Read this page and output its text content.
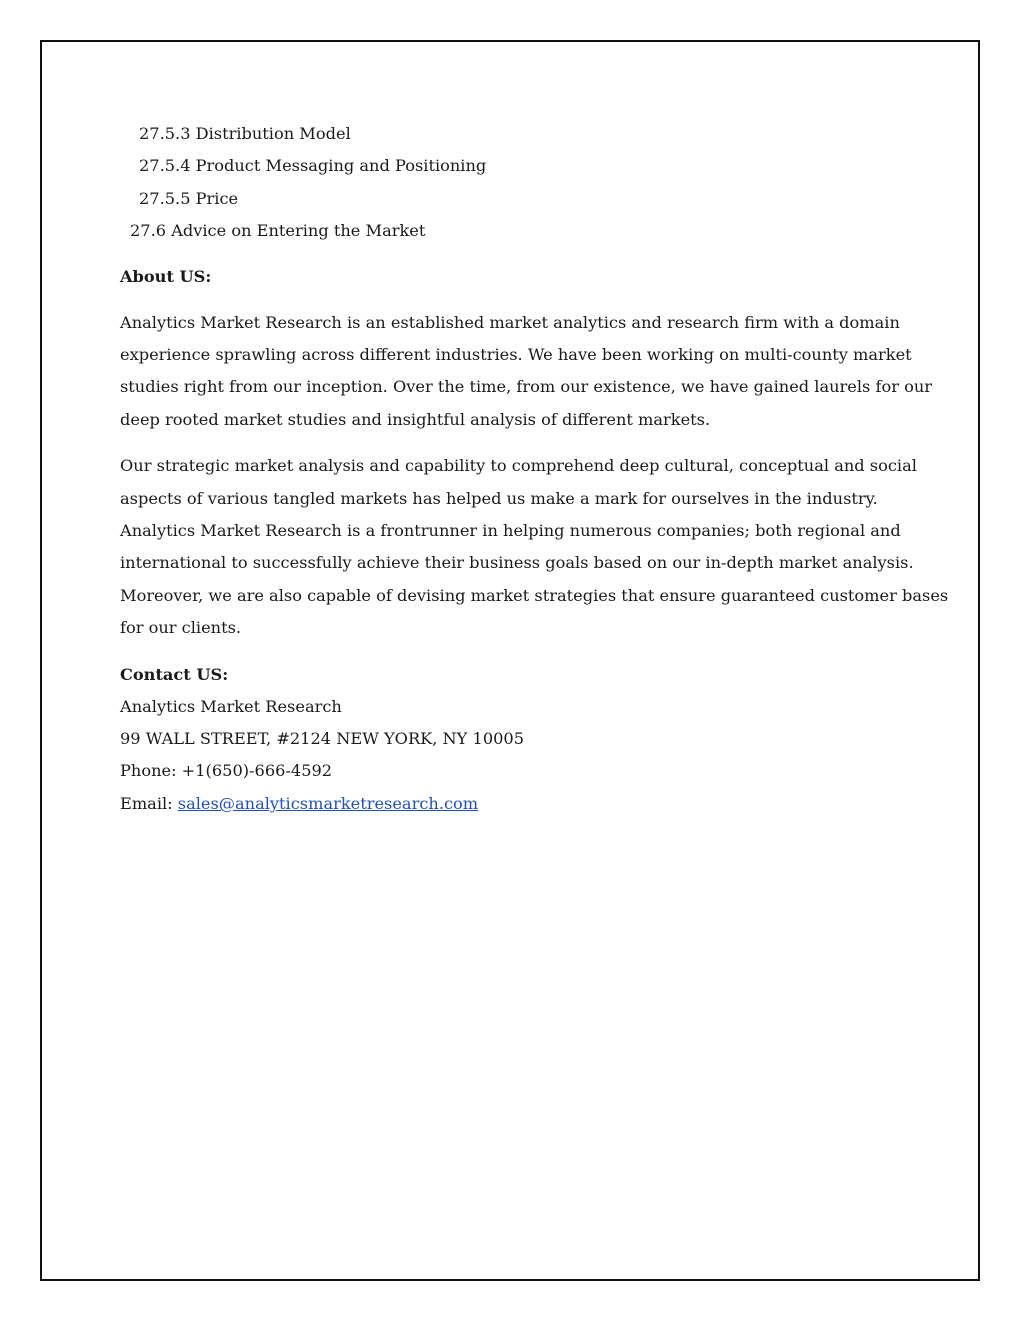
27.5.3 Distribution Model
27.5.4 Product Messaging and Positioning
27.5.5 Price
27.6 Advice on Entering the Market

About US:

Analytics Market Research is an established market analytics and research firm with a domain
experience sprawling across different industries. We have been working on multi-county market
studies right from our inception. Over the time, from our existence, we have gained laurels for our
deep rooted market studies and insightful analysis of different markets.

Our strategic market analysis and capability to comprehend deep cultural, conceptual and social
aspects of various tangled markets has helped us make a mark for ourselves in the industry.
Analytics Market Research is a frontrunner in helping numerous companies; both regional and
international to successfully achieve their business goals based on our in-depth market analysis.
Moreover, we are also capable of devising market strategies that ensure guaranteed customer bases
for our clients.

Contact US:

Analytics Market Research
99 WALL STREET, #2124 NEW YORK, NY 10005
Phone: +1(650)-666-4592
Email: sales@analyticsmarketresearch.com
